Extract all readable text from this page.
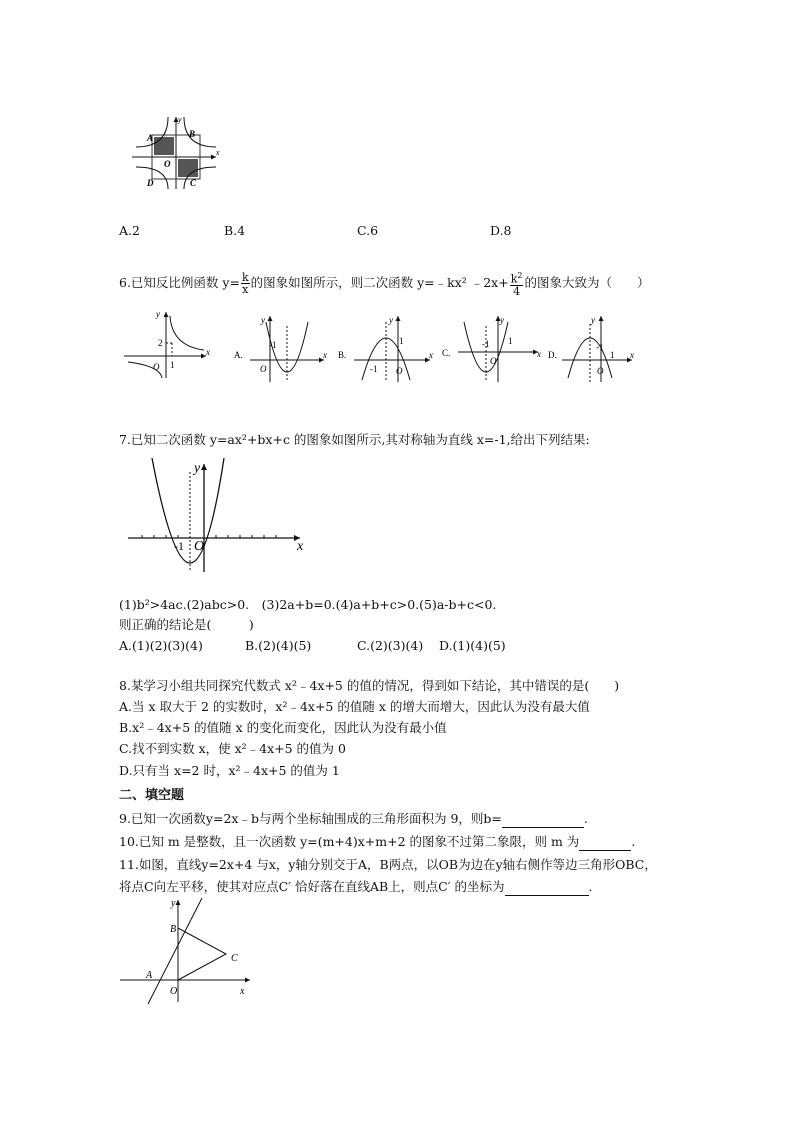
A	B
D	C
O
y
x
A.2	B.4	C.6	D.8
6.已知反比例函数 $y= \frac{k}{x}$ 的图象如图所示，则二次函数 y=﹣kx² ﹣2x+ $\frac{k^2}{4}$ 的图象大致为（　　）
y
x
O
2
1
A.
y
x
O
-1
B.
y
x
O
-1
1
C.
y
x
O
-1 1
D.
y
x
O
-1
1
7.已知二次函数 y=ax²+bx+c 的图象如图所示,其对称轴为直线 x=-1,给出下列结果:
y
x
O
-1
(1)b²>4ac.(2)abc>0.　(3)2a+b=0.(4)a+b+c>0.(5)a-b+c<0.
则正确的结论是(　　　)
A.(1)(2)(3)(4)	B.(2)(4)(5)	C.(2)(3)(4) D.(1)(4)(5)
8.某学习小组共同探究代数式 x²﹣4x+5 的值的情况，得到如下结论，其中错误的是(　　)
A.当 x 取大于 2 的实数时，x²﹣4x+5 的值随 x 的增大而增大，因此认为没有最大值
B.x²﹣4x+5 的值随 x 的变化而变化，因此认为没有最小值
C.找不到实数 x，使 x²﹣4x+5 的值为 0
D.只有当 x=2 时，x²﹣4x+5 的值为 1
二、填空题
9.已知一次函数y=2x﹣b与两个坐标轴围成的三角形面积为 9，则b=	.
10.已知 m 是整数，且一次函数 y=(m+4)x+m+2 的图象不过第二象限，则 m 为	.
11.如图，直线y=2x+4 与x，y轴分别交于A，B两点，以OB为边在y轴右侧作等边三角形OBC，
将点C向左平移，使其对应点C′ 恰好落在直线AB上，则点C′ 的坐标为	.
y
x
O
A
B
C
